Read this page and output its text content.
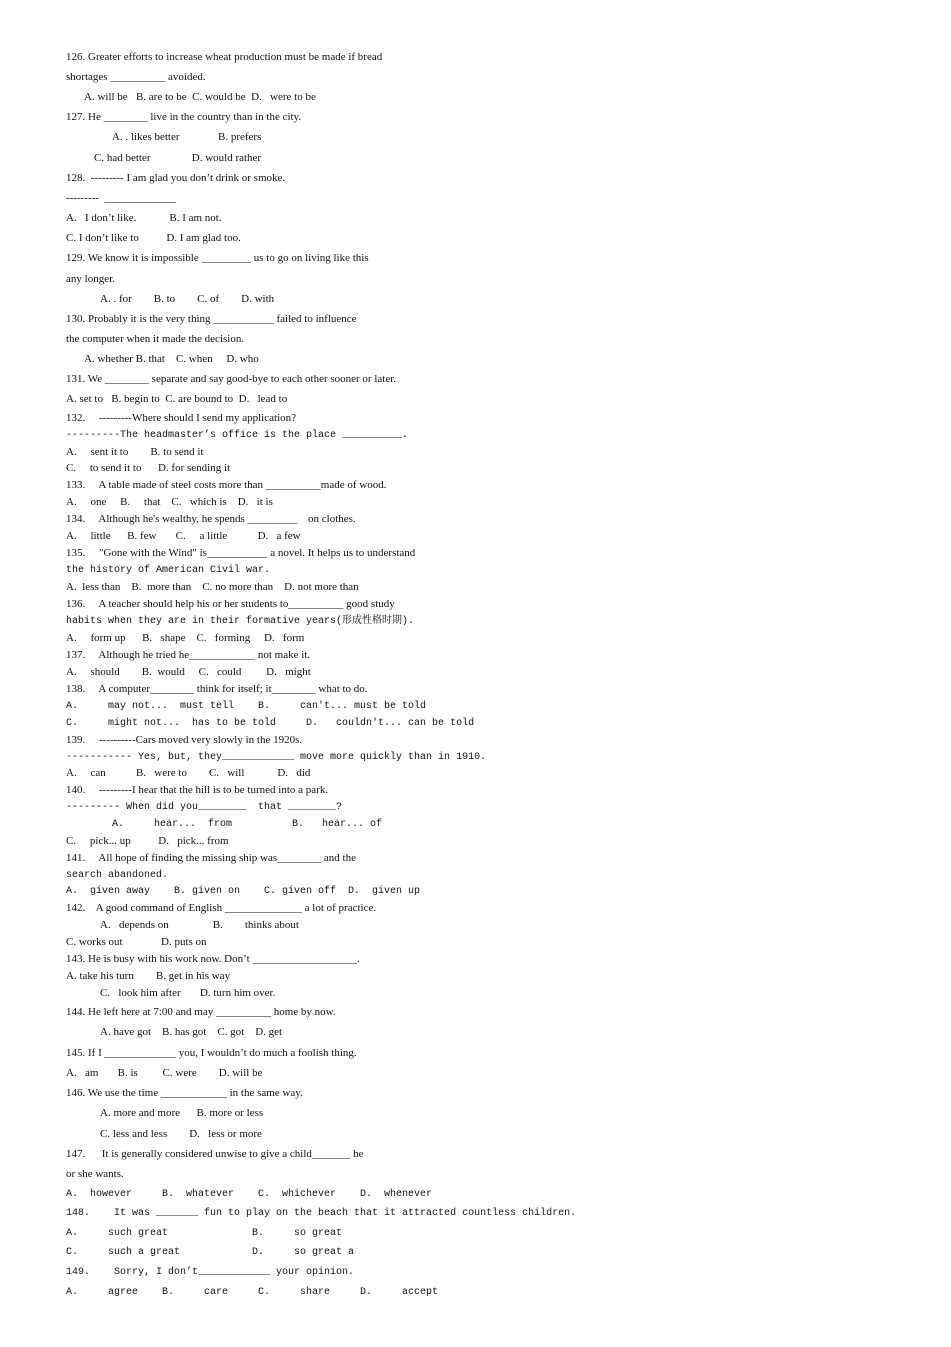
126. Greater efforts to increase wheat production must be made if bread
shortages __________ avoided.
A. will be   B. are to be  C. would be  D.   were to be
127. He ________ live in the country than in the city.
A. . likes better              B. prefers
C. had better               D. would rather
128.  --------- I am glad you don’t drink or smoke.
---------  _____________
A.   I don’t like.            B. I am not.
C. I don’t like to          D. I am glad too.
129. We know it is impossible _________ us to go on living like this
any longer.
A. . for        B. to        C. of        D. with
130. Probably it is the very thing ___________ failed to influence
the computer when it made the decision.
A. whether B. that    C. when     D. who
131. We ________ separate and say good-bye to each other sooner or later.
A. set to   B. begin to  C. are bound to  D.   lead to
132.     ---------Where should I send my application?
---------The headmaster’s office is the place __________.
A.     sent it to        B. to send it
C.     to send it to      D. for sending it
133.     A table made of steel costs more than __________made of wood.
A.     one     B.     that    C.   which is    D.   it is
134.     Although he's wealthy, he spends _________    on clothes.
A.     little      B. few       C.     a little           D.   a few
135.     "Gone with the Wind" is___________ a novel. It helps us to understand
the history of American Civil war.
A.  less than    B.  more than    C. no more than    D. not more than
136.     A teacher should help his or her students to__________ good study
habits when they are in their formative years(形成性格时期).
A.     form up      B.   shape    C.   forming     D.   form
137.     Although he tried he____________ not make it.
A.     should        B.  would     C.   could         D.   might
138.     A computer________ think for itself; it________ what to do.
A.     may not...  must tell    B.     can't... must be told
C.     might not...  has to be told     D.   couldn't... can be told
139.     ----------Cars moved very slowly in the 1920s.
----------- Yes, but, they____________ move more quickly than in 1910.
A.     can           B.   were to        C.   will            D.   did
140.     ---------I hear that the hill is to be turned into a park.
--------- When did you________  that ________?
A.     hear...  from          B.   hear... of
C.     pick... up          D.   pick... from
141.     All hope of finding the missing ship was________ and the
search abandoned.
A.  given away    B. given on    C. given off  D.  given up
142.    A good command of English ______________ a lot of practice.
A.   depends on                B.        thinks about
C. works out              D. puts on
143. He is busy with his work now. Don’t ___________________.
A. take his turn        B. get in his way
C.   look him after       D. turn him over.
144. He left here at 7:00 and may __________ home by now.
A. have got    B. has got    C. got    D. get
145. If I _____________ you, I wouldn’t do much a foolish thing.
A.   am       B. is         C. were        D. will be
146. We use the time ____________ in the same way.
A. more and more      B. more or less
C. less and less        D.   less or more
147.      It is generally considered unwise to give a child_______ he
or she wants.
A.  however     B.  whatever    C.  whichever    D.  whenever
148.    It was _______ fun to play on the beach that it attracted countless children.
A.     such great              B.     so great
C.     such a great            D.     so great a
149.    Sorry, I don’t____________ your opinion.
A.     agree    B.     care     C.     share     D.     accept
